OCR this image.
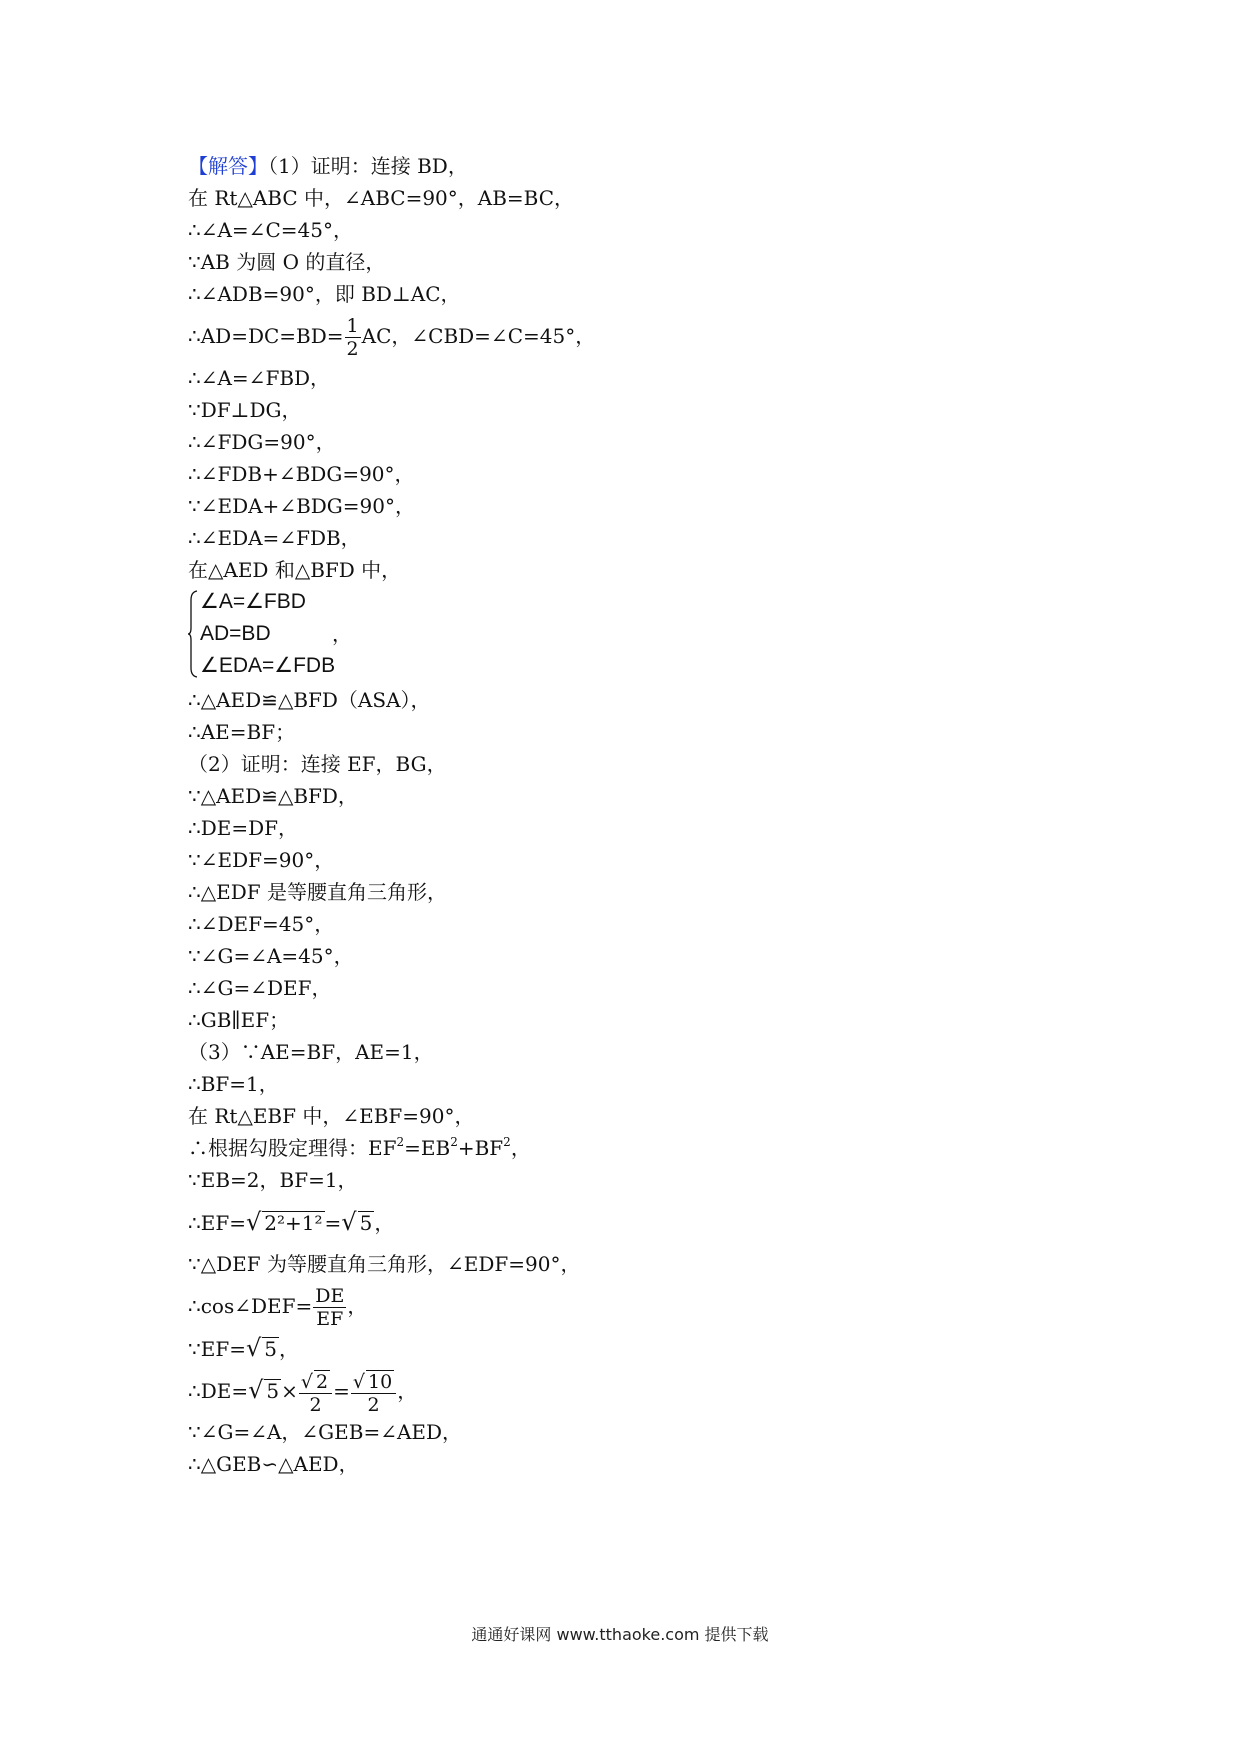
【解答】（1）证明：连接 BD，
在 Rt△ABC 中，∠ABC=90°，AB=BC，
∴∠A=∠C=45°，
∵AB 为圆 O 的直径，
∴∠ADB=90°，即 BD⊥AC，
∴AD=DC=BD= $\frac{1}{2}$ AC，∠CBD=∠C=45°，
∴∠A=∠FBD，
∵DF⊥DG，
∴∠FDG=90°，
∴∠FDB+∠BDG=90°，
∵∠EDA+∠BDG=90°，
∴∠EDA=∠FDB，
在△AED 和△BFD 中，
∠A=∠FBD
AD=BD
∠EDA=∠FDB
，
∴△AED≌△BFD（ASA），
∴AE=BF；
（2）证明：连接 EF，BG，
∵△AED≌△BFD，
∴DE=DF，
∵∠EDF=90°，
∴△EDF 是等腰直角三角形，
∴∠DEF=45°，
∵∠G=∠A=45°，
∴∠G=∠DEF，
∴GB∥EF；
（3）∵AE=BF，AE=1，
∴BF=1，
在 Rt△EBF 中，∠EBF=90°，
∴根据勾股定理得：$EF^2=EB^2+BF^2$，
∵EB=2，BF=1，
∴EF=√ 2²+1² =√ 5 ，
∵△DEF 为等腰直角三角形，∠EDF=90°，
∴cos∠DEF= $\frac{DE}{EF}$ ，
∵EF=√ 5 ，
∴DE=√ $5 \times \frac{√ 2}{2} = \frac{√ 10}{2}$ ，
∵∠G=∠A，∠GEB=∠AED，
∴△GEB∽△AED，
通通好课网 www.tthaoke.com 提供下载
